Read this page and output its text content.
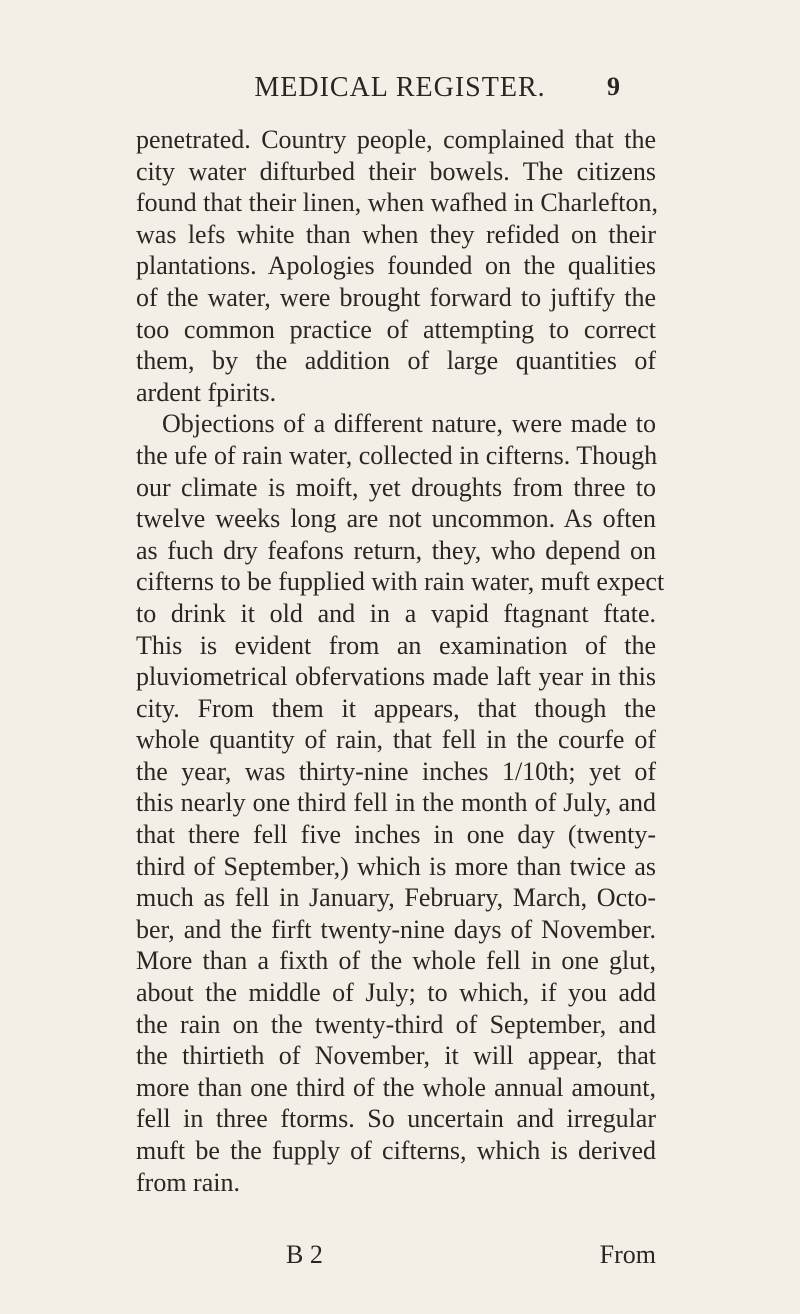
MEDICAL REGISTER.	9
penetrated. Country people, complained that the
city water difturbed their bowels. The citizens
found that their linen, when wafhed in Charlefton,
was lefs white than when they refided on their
plantations. Apologies founded on the qualities
of the water, were brought forward to juftify the
too common practice of attempting to correct
them, by the addition of large quantities of
ardent fpirits.
Objections of a different nature, were made to
the ufe of rain water, collected in cifterns. Though
our climate is moift, yet droughts from three to
twelve weeks long are not uncommon. As often
as fuch dry feafons return, they, who depend on
cifterns to be fupplied with rain water, muft expect
to drink it old and in a vapid ftagnant ftate.
This is evident from an examination of the
pluviometrical obfervations made laft year in this
city. From them it appears, that though the
whole quantity of rain, that fell in the courfe of
the year, was thirty-nine inches 1/10th; yet of
this nearly one third fell in the month of July, and
that there fell five inches in one day (twenty-
third of September,) which is more than twice as
much as fell in January, February, March, Octo-
ber, and the firft twenty-nine days of November.
More than a fixth of the whole fell in one glut,
about the middle of July; to which, if you add
the rain on the twenty-third of September, and
the thirtieth of November, it will appear, that
more than one third of the whole annual amount,
fell in three ftorms. So uncertain and irregular
muft be the fupply of cifterns, which is derived
from rain.
B 2	From
